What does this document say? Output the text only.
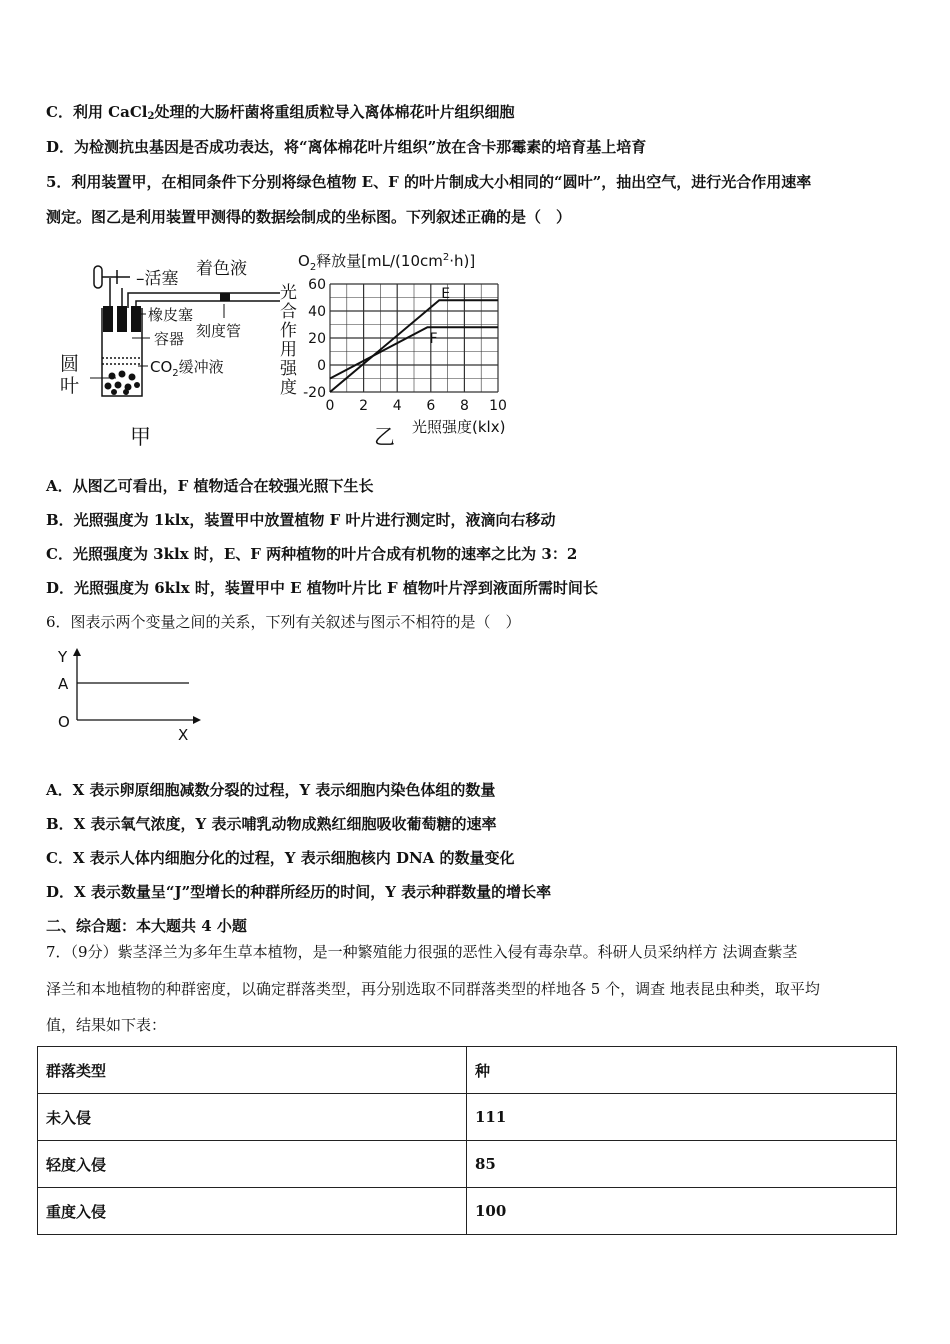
C．利用 CaCl$_2$处理的大肠杆菌将重组质粒导入离体棉花叶片组织细胞
D．为检测抗虫基因是否成功表达，将“离体棉花叶片组织”放在含卡那霉素的培育基上培育
5．利用装置甲，在相同条件下分别将绿色植物 E、F 的叶片制成大小相同的“圆叶”，抽出空气，进行光合作用速率
测定。图乙是利用装置甲测得的数据绘制成的坐标图。下列叙述正确的是（　）
–活塞 着色液
橡皮塞
刻度管
容器
$CO_2$缓冲液
圆
叶
甲
$O_2$释放量$[mL/(10cm^2\cdot h)]$
光
合
作
用
强
度
0 2 4 6 8 10
60
40
20
0
-20
E
F
光照强度(klx)
乙
A．从图乙可看出，F 植物适合在较强光照下生长
B．光照强度为 1klx，装置甲中放置植物 F 叶片进行测定时，液滴向右移动
C．光照强度为 3klx 时，E、F 两种植物的叶片合成有机物的速率之比为 3：2
D．光照强度为 6klx 时，装置甲中 E 植物叶片比 F 植物叶片浮到液面所需时间长
6．图表示两个变量之间的关系，下列有关叙述与图示不相符的是（　）
Y
A
O
X
A．X 表示卵原细胞减数分裂的过程，Y 表示细胞内染色体组的数量
B．X 表示氧气浓度，Y 表示哺乳动物成熟红细胞吸收葡萄糖的速率
C．X 表示人体内细胞分化的过程，Y 表示细胞核内 DNA 的数量变化
D．X 表示数量呈“J”型增长的种群所经历的时间，Y 表示种群数量的增长率
二、综合题：本大题共 4 小题
7．（9分）紫茎泽兰为多年生草本植物，是一种繁殖能力很强的恶性入侵有毒杂草。科研人员采纳样方 法调查紫茎
泽兰和本地植物的种群密度，以确定群落类型，再分别选取不同群落类型的样地各 5 个，调查 地表昆虫种类，取平均
值，结果如下表：
群落类型	种
未入侵	111
轻度入侵	85
重度入侵	100
